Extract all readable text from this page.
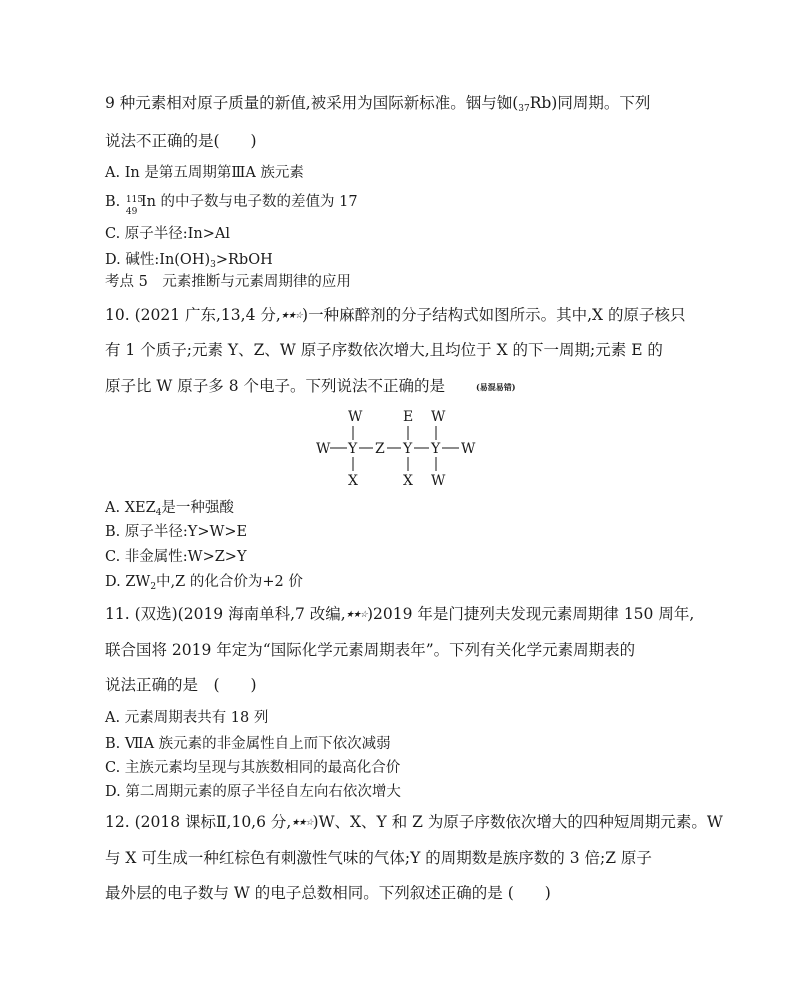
9 种元素相对原子质量的新值,被采用为国际新标准。铟与铷$(_{37}Rb)$同周期。下列
说法不正确的是(　　)
A. In 是第五周期第ⅢA 族元素
B. 115
49
In 的中子数与电子数的差值为 17
C. 原子半径:In>Al
D. 碱性$:In(OH)_3>RbOH$
考点 5　元素推断与元素周期律的应用
10. (2021 广东,13,4 分,★★☆)一种麻醉剂的分子结构式如图所示。其中,X 的原子核只
有 1 个质子;元素 Y、Z、W 原子序数依次增大,且均位于 X 的下一周期;元素 E 的
原子比 W 原子多 8 个电子。下列说法不正确的是　　(易混易错)
W	E W
W Y Z Y Y W
X	X W
A. $XEZ_4$是一种强酸
B. 原子半径:Y>W>E
C. 非金属性:W>Z>Y
D. $ZW_2$中,Z 的化合价为+2 价
11. (双选)(2019 海南单科,7 改编,★★☆)2019 年是门捷列夫发现元素周期律 150 周年,
联合国将 2019 年定为“国际化学元素周期表年”。下列有关化学元素周期表的
说法正确的是　(　　)
A. 元素周期表共有 18 列
B. ⅦA 族元素的非金属性自上而下依次减弱
C. 主族元素均呈现与其族数相同的最高化合价
D. 第二周期元素的原子半径自左向右依次增大
12. (2018 课标Ⅱ,10,6 分,★★☆)W、X、Y 和 Z 为原子序数依次增大的四种短周期元素。W
与 X 可生成一种红棕色有刺激性气味的气体;Y 的周期数是族序数的 3 倍;Z 原子
最外层的电子数与 W 的电子总数相同。下列叙述正确的是 (　　)
